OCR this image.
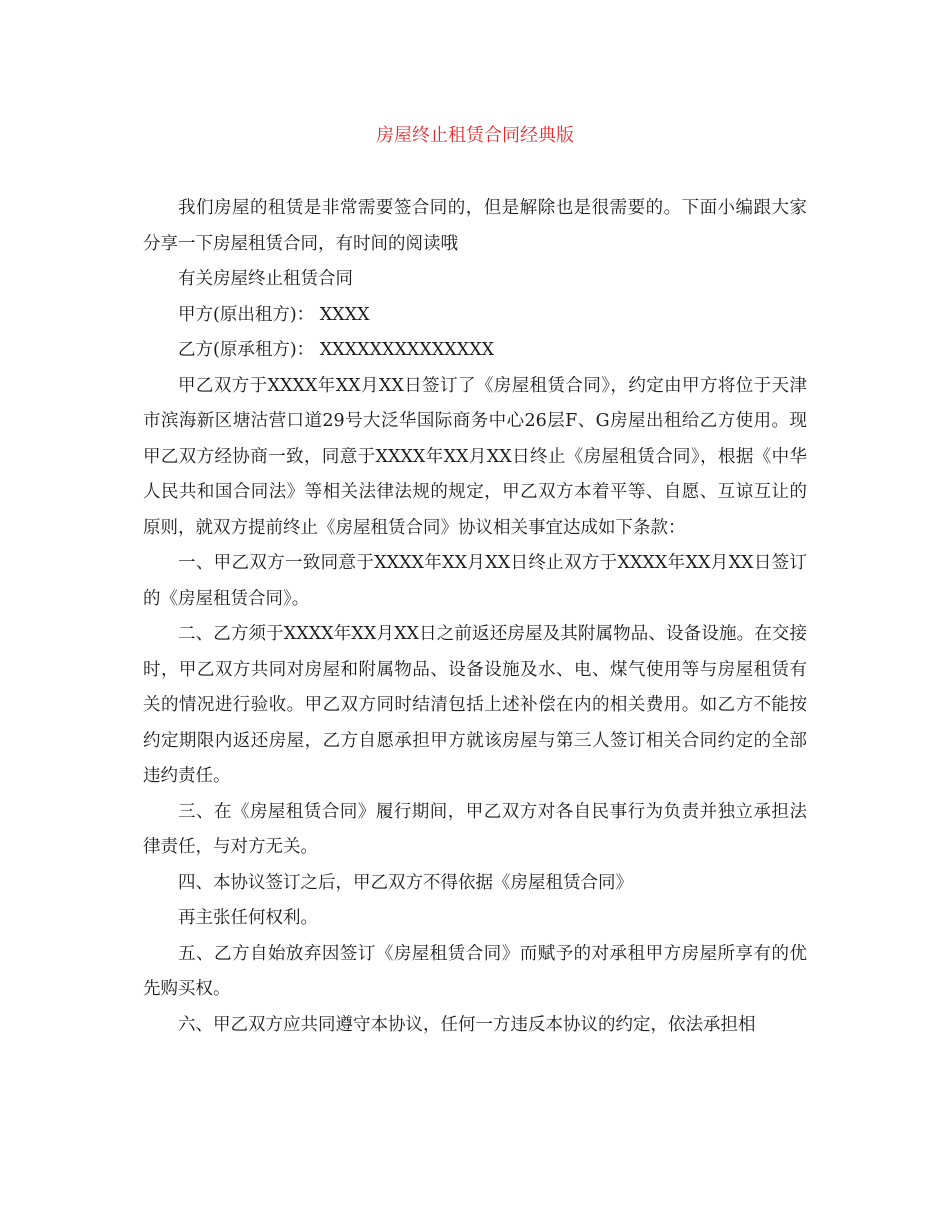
房屋终止租赁合同经典版

我们房屋的租赁是非常需要签合同的，但是解除也是很需要的。下面小编跟大家分享一下房屋租赁合同，有时间的阅读哦

有关房屋终止租赁合同

甲方(原出租方)： XXXX

乙方(原承租方)： XXXXXXXXXXXXXX

甲乙双方于XXXX年XX月XX日签订了《房屋租赁合同》，约定由甲方将位于天津市滨海新区塘沽营口道29号大泛华国际商务中心26层F、G房屋出租给乙方使用。现甲乙双方经协商一致，同意于XXXX年XX月XX日终止《房屋租赁合同》，根据《中华人民共和国合同法》等相关法律法规的规定，甲乙双方本着平等、自愿、互谅互让的原则，就双方提前终止《房屋租赁合同》协议相关事宜达成如下条款：

一、甲乙双方一致同意于XXXX年XX月XX日终止双方于XXXX年XX月XX日签订的《房屋租赁合同》。

二、乙方须于XXXX年XX月XX日之前返还房屋及其附属物品、设备设施。在交接时，甲乙双方共同对房屋和附属物品、设备设施及水、电、煤气使用等与房屋租赁有关的情况进行验收。甲乙双方同时结清包括上述补偿在内的相关费用。如乙方不能按约定期限内返还房屋，乙方自愿承担甲方就该房屋与第三人签订相关合同约定的全部违约责任。

三、在《房屋租赁合同》履行期间，甲乙双方对各自民事行为负责并独立承担法律责任，与对方无关。

四、本协议签订之后，甲乙双方不得依据《房屋租赁合同》

再主张任何权利。

五、乙方自始放弃因签订《房屋租赁合同》而赋予的对承租甲方房屋所享有的优先购买权。

六、甲乙双方应共同遵守本协议，任何一方违反本协议的约定，依法承担相
